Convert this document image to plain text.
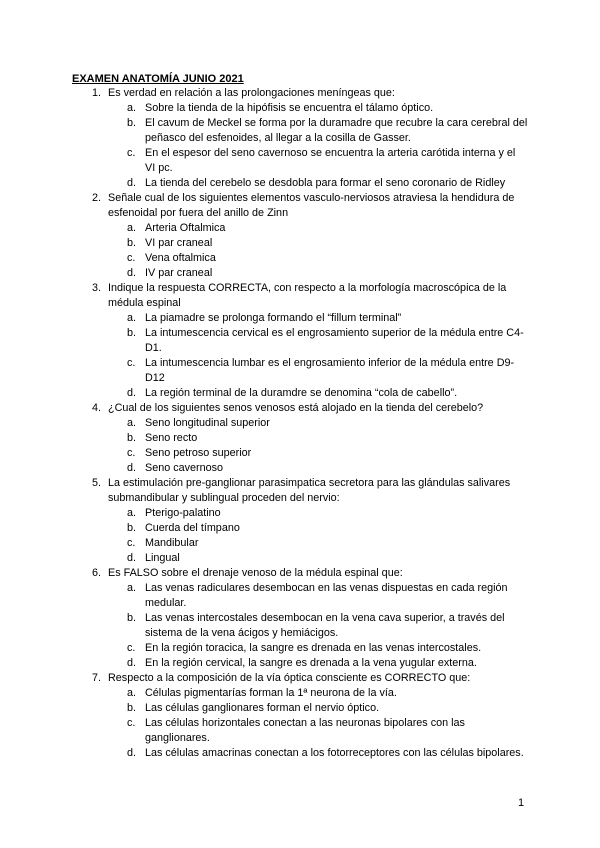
EXAMEN ANATOMÍA JUNIO 2021
1. Es verdad en relación a las prolongaciones meníngeas que:
a. Sobre la tienda de la hipófisis se encuentra el tálamo óptico.
b. El cavum de Meckel se forma por la duramadre que recubre la cara cerebral del peñasco del esfenoides, al llegar a la cosilla de Gasser.
c. En el espesor del seno cavernoso se encuentra la arteria carótida interna y el VI pc.
d. La tienda del cerebelo se desdobla para formar el seno coronario de Ridley
2. Señale cual de los siguientes elementos vasculo-nerviosos atraviesa la hendidura de esfenoidal por fuera del anillo de Zinn
a. Arteria Oftalmica
b. VI par craneal
c. Vena oftalmica
d. IV par craneal
3. Indique la respuesta CORRECTA, con respecto a la morfología macroscópica de la médula espinal
a. La piamadre se prolonga formando el “fillum terminal”
b. La intumescencia cervical es el engrosamiento superior de la médula entre C4-D1.
c. La intumescencia lumbar es el engrosamiento inferior de la médula entre D9-D12
d. La región terminal de la duramdre se denomina “cola de cabello”.
4. ¿Cual de los siguientes senos venosos está alojado en la tienda del cerebelo?
a. Seno longitudinal superior
b. Seno recto
c. Seno petroso superior
d. Seno cavernoso
5. La estimulación pre-ganglionar parasimpatica secretora para las glándulas salivares submandibular y sublingual proceden del nervio:
a. Pterigo-palatino
b. Cuerda del tímpano
c. Mandibular
d. Lingual
6. Es FALSO sobre el drenaje venoso de la médula espinal que:
a. Las venas radiculares desembocan en las venas dispuestas en cada región medular.
b. Las venas intercostales desembocan en la vena cava superior, a través del sistema de la vena ácigos y hemiácigos.
c. En la región toracica, la sangre es drenada en las venas intercostales.
d. En la región cervical, la sangre es drenada a la vena yugular externa.
7. Respecto a la composición de la vía óptica consciente es CORRECTO que:
a. Células pigmentarías forman la 1ª neurona de la vía.
b. Las células ganglionares forman el nervio óptico.
c. Las células horizontales conectan a las neuronas bipolares con las ganglionares.
d. Las células amacrinas conectan a los fotorreceptores con las células bipolares.
1
